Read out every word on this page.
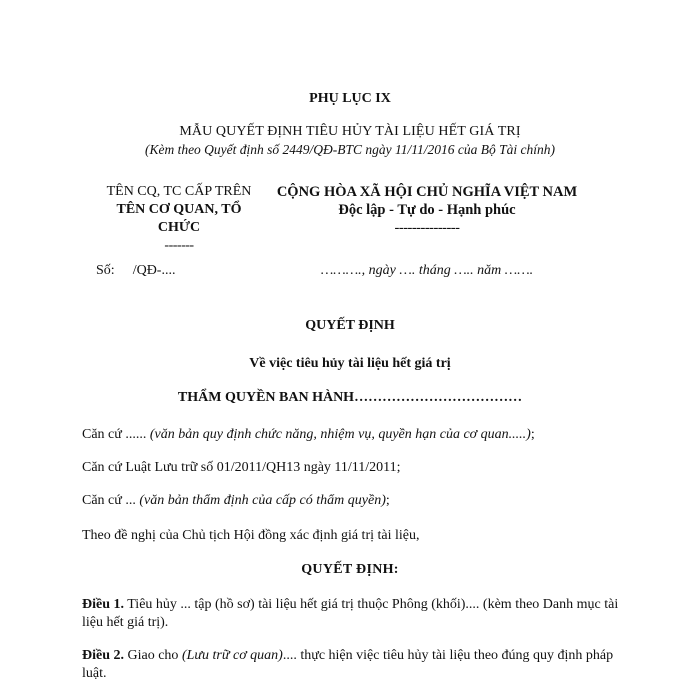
PHỤ LỤC IX
MẪU QUYẾT ĐỊNH TIÊU HỦY TÀI LIỆU HẾT GIÁ TRỊ
(Kèm theo Quyết định số 2449/QĐ-BTC ngày 11/11/2016 của Bộ Tài chính)
TÊN CQ, TC CẤP TRÊN
TÊN CƠ QUAN, TỔ
CHỨC
-------
CỘNG HÒA XÃ HỘI CHỦ NGHĨA VIỆT NAM
Độc lập - Tự do - Hạnh phúc
---------------
Số: /QĐ-....	………., ngày …. tháng ….. năm …….
QUYẾT ĐỊNH
Về việc tiêu hủy tài liệu hết giá trị
THẨM QUYỀN BAN HÀNH………………………………
Căn cứ ...... (văn bản quy định chức năng, nhiệm vụ, quyền hạn của cơ quan.....);
Căn cứ Luật Lưu trữ số 01/2011/QH13 ngày 11/11/2011;
Căn cứ ... (văn bản thẩm định của cấp có thẩm quyền);
Theo đề nghị của Chủ tịch Hội đồng xác định giá trị tài liệu,
QUYẾT ĐỊNH:
Điều 1. Tiêu hủy ... tập (hồ sơ) tài liệu hết giá trị thuộc Phông (khối).... (kèm theo Danh mục tài liệu hết giá trị).
Điều 2. Giao cho (Lưu trữ cơ quan).... thực hiện việc tiêu hủy tài liệu theo đúng quy định pháp luật.
